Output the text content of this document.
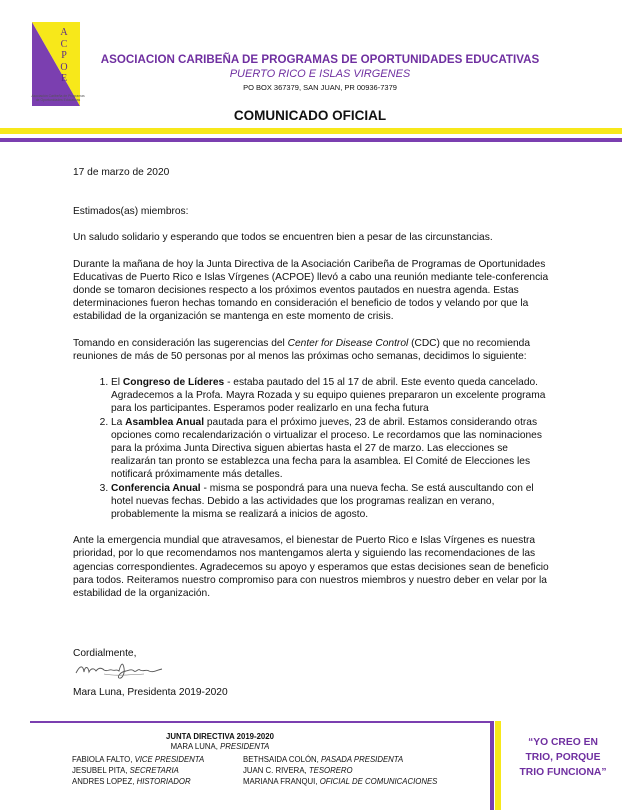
A
C
P
O
E
Asociación Caribeña de Programas de Oportunidades Educativas
ASOCIACION CARIBEÑA DE PROGRAMAS DE OPORTUNIDADES EDUCATIVAS
PUERTO RICO E ISLAS VIRGENES
PO BOX 367379, SAN JUAN, PR 00936-7379
COMUNICADO OFICIAL

17 de marzo de 2020

Estimados(as) miembros:

Un saludo solidario y esperando que todos se encuentren bien a pesar de las circunstancias.

Durante la mañana de hoy la Junta Directiva de la Asociación Caribeña de Programas de Oportunidades Educativas de Puerto Rico e Islas Vírgenes (ACPOE) llevó a cabo una reunión mediante tele-conferencia donde se tomaron decisiones respecto a los próximos eventos pautados en nuestra agenda. Estas determinaciones fueron hechas tomando en consideración el beneficio de todos y velando por que la estabilidad de la organización se mantenga en este momento de crisis.

Tomando en consideración las sugerencias del Center for Disease Control (CDC) que no recomienda reuniones de más de 50 personas por al menos las próximas ocho semanas, decidimos lo siguiente:

1. El Congreso de Líderes - estaba pautado del 15 al 17 de abril. Este evento queda cancelado. Agradecemos a la Profa. Mayra Rozada y su equipo quienes prepararon un excelente programa para los participantes. Esperamos poder realizarlo en una fecha futura
2. La Asamblea Anual pautada para el próximo jueves, 23 de abril. Estamos considerando otras opciones como recalendarización o virtualizar el proceso. Le recordamos que las nominaciones para la próxima Junta Directiva siguen abiertas hasta el 27 de marzo. Las elecciones se realizarán tan pronto se establezca una fecha para la asamblea. El Comité de Elecciones les notificará próximamente más detalles.
3. Conferencia Anual - misma se pospondrá para una nueva fecha. Se está auscultando con el hotel nuevas fechas. Debido a las actividades que los programas realizan en verano, probablemente la misma se realizará a inicios de agosto.

Ante la emergencia mundial que atravesamos, el bienestar de Puerto Rico e Islas Vírgenes es nuestra prioridad, por lo que recomendamos nos mantengamos alerta y siguiendo las recomendaciones de las agencias correspondientes. Agradecemos su apoyo y esperamos que estas decisiones sean de beneficio para todos. Reiteramos nuestro compromiso para con nuestros miembros y nuestro deber en velar por la estabilidad de la organización.

Cordialmente,
Mara Luna, Presidenta 2019-2020
JUNTA DIRECTIVA 2019-2020
MARA LUNA, PRESIDENTA
FABIOLA FALTO, VICE PRESIDENTA
JESUBEL PITA, SECRETARIA
ANDRES LOPEZ, HISTORIADOR
BETHSAIDA COLÓN, PASADA PRESIDENTA
JUAN C. RIVERA, TESORERO
MARIANA FRANQUI, OFICIAL DE COMUNICACIONES
“YO CREO EN
TRIO, PORQUE
TRIO FUNCIONA”
